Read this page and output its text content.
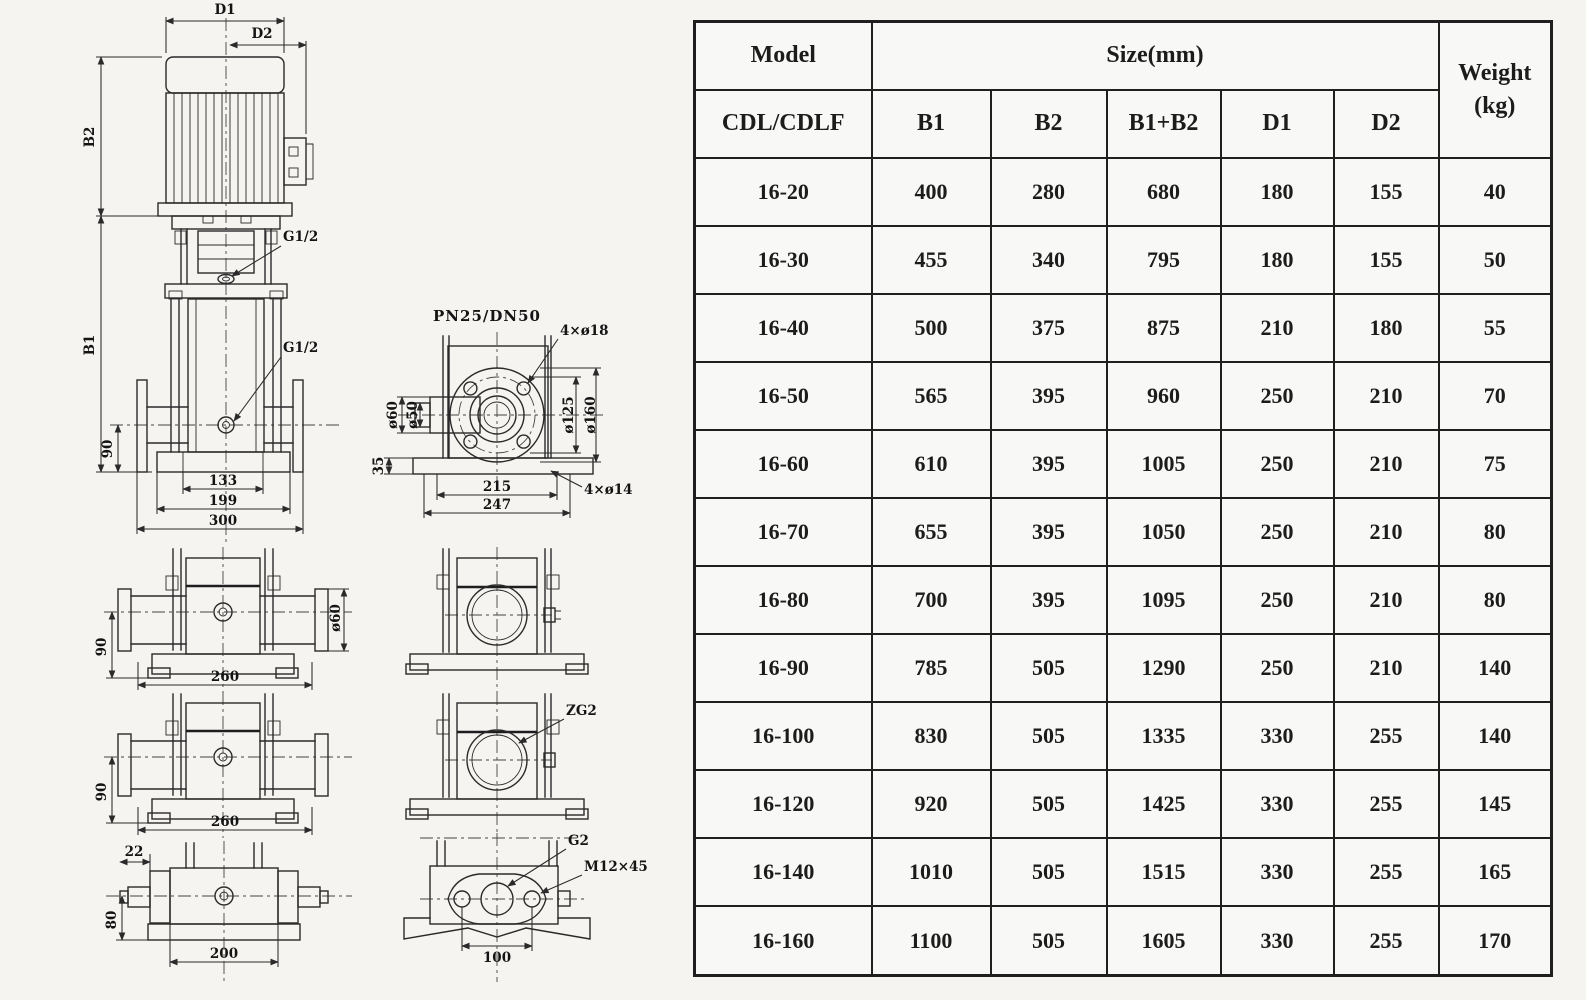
D1
D2
B2
B1
90
133
199
300
G1/2
G1/2
PN25/DN50
ø60 ø50	ø125 ø160
35
215
247
4×ø18
4×ø14
90
260
ø60
90
260
22
80
200
ZG2
100
G2
M12×45
Model	Size(mm)					Weight
(kg)

CDL/CDLF	B1	B2	B1+B2	D1	D2	
16-20	400	280	680	180	155	40
16-30	455	340	795	180	155	50
16-40	500	375	875	210	180	55
16-50	565	395	960	250	210	70
16-60	610	395	1005	250	210	75
16-70	655	395	1050	250	210	80
16-80	700	395	1095	250	210	80
16-90	785	505	1290	250	210	140
16-100	830	505	1335	330	255	140
16-120	920	505	1425	330	255	145
16-140	1010	505	1515	330	255	165
16-160	1100	505	1605	330	255	170
